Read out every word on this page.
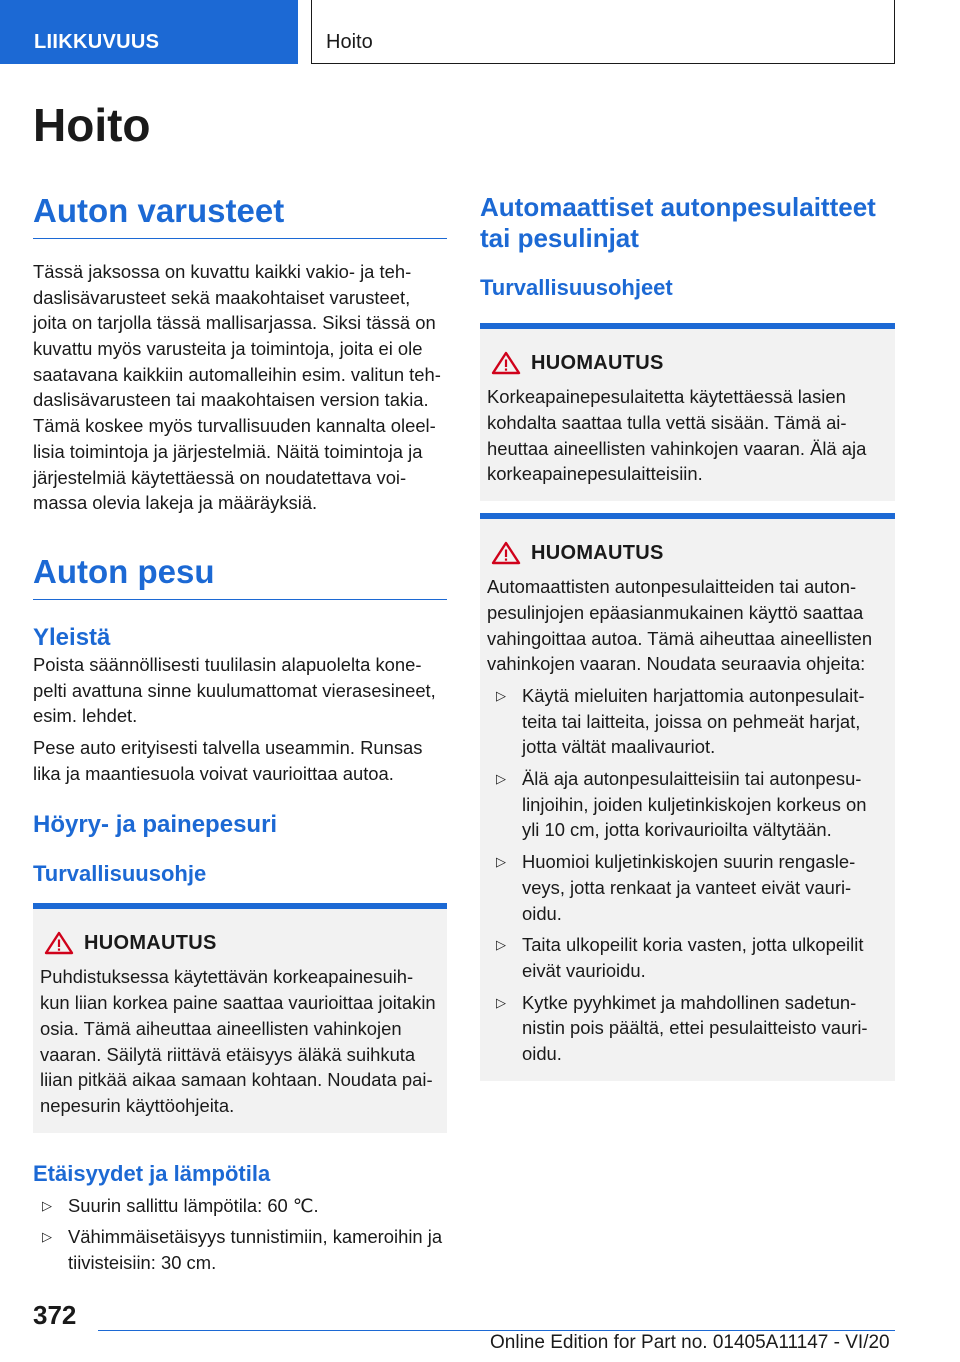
LIIKKUVUUS	Hoito
Hoito
Auton varusteet

Tässä jaksossa on kuvattu kaikki vakio- ja teh-daslisävarusteet sekä maakohtaiset varusteet, joita on tarjolla tässä mallisarjassa. Siksi tässä on kuvattu myös varusteita ja toimintoja, joita ei ole saatavana kaikkiin automalleihin esim. valitun teh-daslisävarusteen tai maakohtaisen version takia. Tämä koskee myös turvallisuuden kannalta oleel-lisia toimintoja ja järjestelmiä. Näitä toimintoja ja järjestelmiä käytettäessä on noudatettava voi-massa olevia lakeja ja määräyksiä.

Auton pesu
Yleistä

Poista säännöllisesti tuulilasin alapuolelta kone-pelti avattuna sinne kuulumattomat vierasesineet, esim. lehdet.

Pese auto erityisesti talvella useammin. Runsas lika ja maantiesuola voivat vaurioittaa autoa.

Höyry- ja painepesuri
Turvallisuusohje
HUOMAUTUS

Puhdistuksessa käytettävän korkeapainesuih-kun liian korkea paine saattaa vaurioittaa joitakin osia. Tämä aiheuttaa aineellisten vahinkojen vaaran. Säilytä riittävä etäisyys äläkä suihkuta liian pitkää aikaa samaan kohtaan. Noudata pai-nepesurin käyttöohjeita.

Etäisyydet ja lämpötila
▷ Suurin sallittu lämpötila: 60 ℃.
▷ Vähimmäisetäisyys tunnistimiin, kameroihin ja tiivisteisiin: 30 cm.
Automaattiset autonpesulaitteet tai pesulinjat
Turvallisuusohjeet
HUOMAUTUS

Korkeapainepesulaitetta käytettäessä lasien kohdalta saattaa tulla vettä sisään. Tämä ai-heuttaa aineellisten vahinkojen vaaran. Älä aja korkeapainepesulaitteisiin.

HUOMAUTUS

Automaattisten autonpesulaitteiden tai auton-pesulinjojen epäasianmukainen käyttö saattaa vahingoittaa autoa. Tämä aiheuttaa aineellisten vahinkojen vaaran. Noudata seuraavia ohjeita:

▷ Käytä mieluiten harjattomia autonpesulait-teita tai laitteita, joissa on pehmeät harjat, jotta vältät maalivauriot.
▷ Älä aja autonpesulaitteisiin tai autonpesu-linjoihin, joiden kuljetinkiskojen korkeus on yli 10 cm, jotta korivaurioilta vältytään.
▷ Huomioi kuljetinkiskojen suurin rengasle-veys, jotta renkaat ja vanteet eivät vauri-oidu.
▷ Taita ulkopeilit koria vasten, jotta ulkopeilit eivät vaurioidu.
▷ Kytke pyyhkimet ja mahdollinen sadetun-nistin pois päältä, ettei pesulaitteisto vauri-oidu.
372
Online Edition for Part no. 01405A11147 - VI/20
